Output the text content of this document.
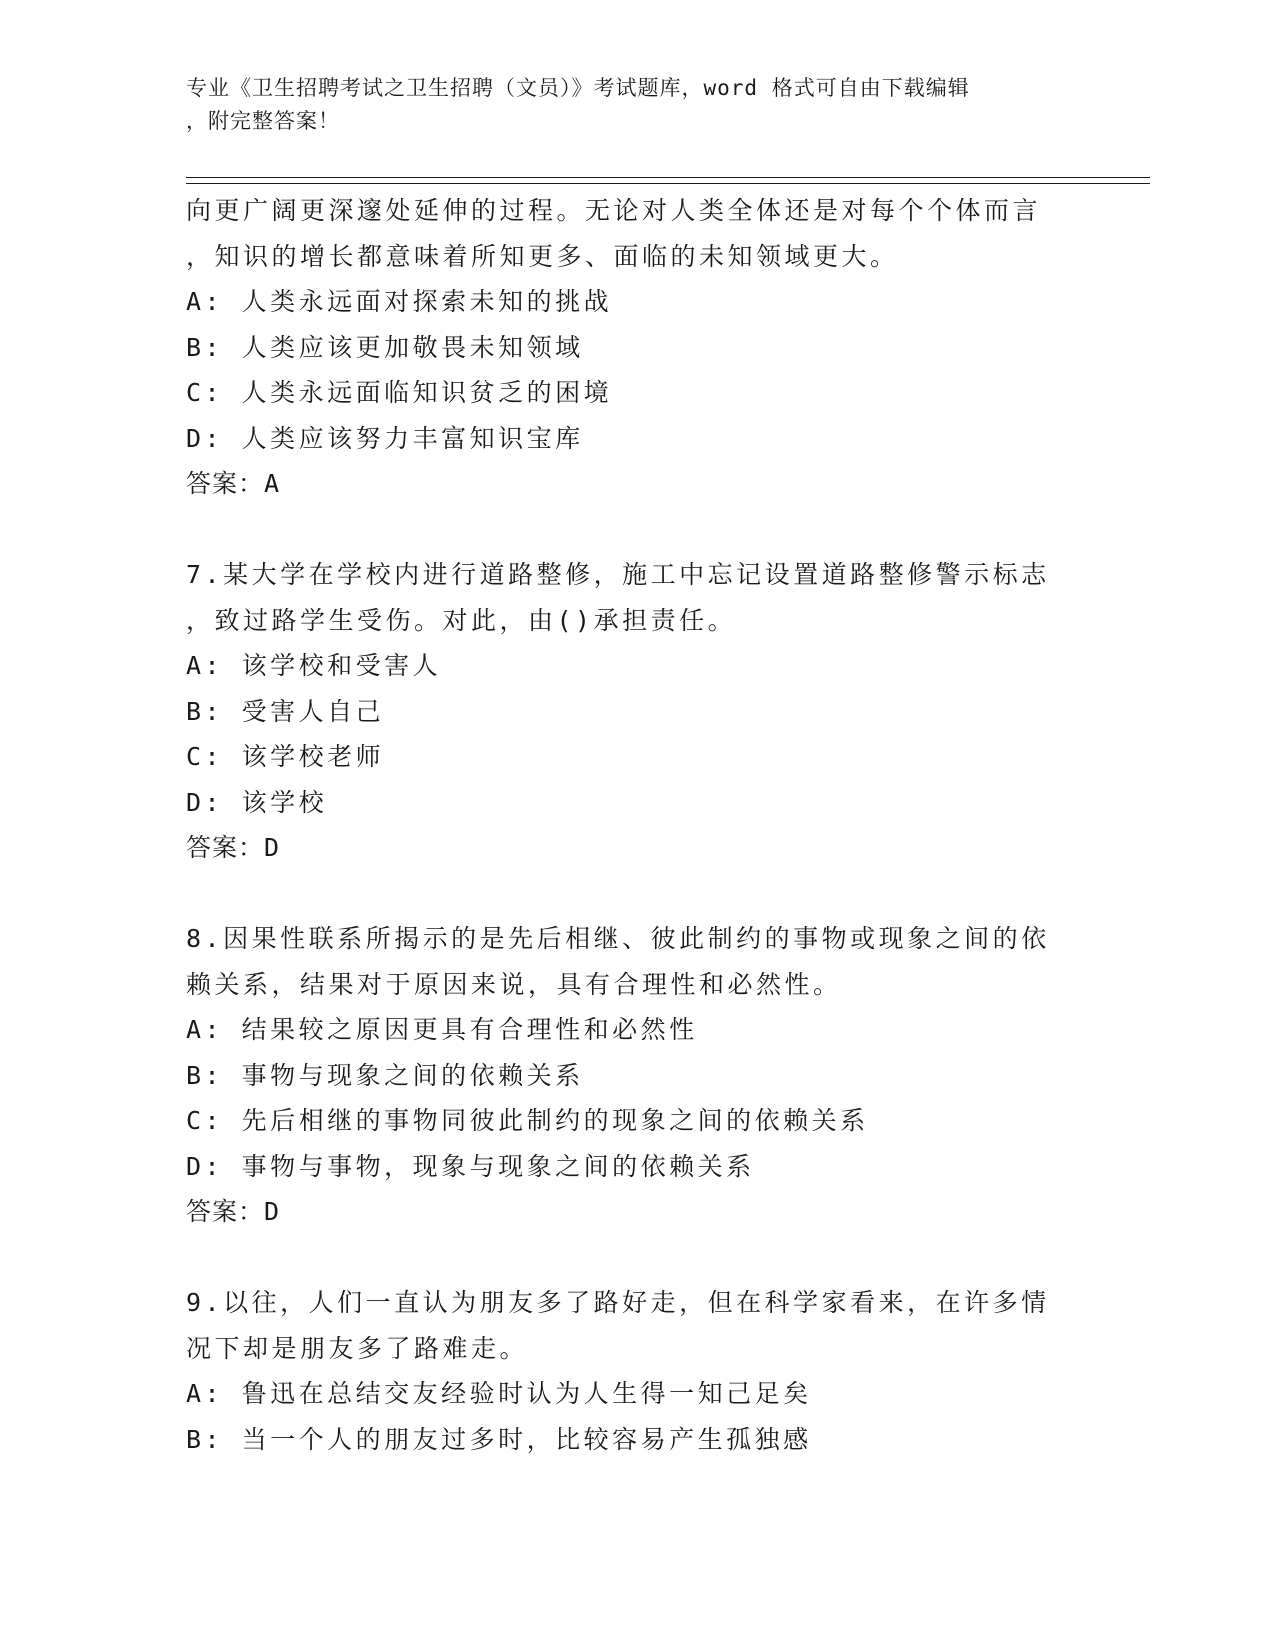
专业《卫生招聘考试之卫生招聘（文员）》考试题库，word 格式可自由下载编辑
，附完整答案！
向更广阔更深邃处延伸的过程。无论对人类全体还是对每个个体而言
，知识的增长都意味着所知更多、面临的未知领域更大。
A: 人类永远面对探索未知的挑战
B: 人类应该更加敬畏未知领域
C: 人类永远面临知识贫乏的困境
D: 人类应该努力丰富知识宝库
答案：A
7.某大学在学校内进行道路整修，施工中忘记设置道路整修警示标志
，致过路学生受伤。对此，由()承担责任。
A: 该学校和受害人
B: 受害人自己
C: 该学校老师
D: 该学校
答案：D
8.因果性联系所揭示的是先后相继、彼此制约的事物或现象之间的依
赖关系，结果对于原因来说，具有合理性和必然性。
A: 结果较之原因更具有合理性和必然性
B: 事物与现象之间的依赖关系
C: 先后相继的事物同彼此制约的现象之间的依赖关系
D: 事物与事物，现象与现象之间的依赖关系
答案：D
9.以往，人们一直认为朋友多了路好走，但在科学家看来，在许多情
况下却是朋友多了路难走。
A: 鲁迅在总结交友经验时认为人生得一知己足矣
B: 当一个人的朋友过多时，比较容易产生孤独感
